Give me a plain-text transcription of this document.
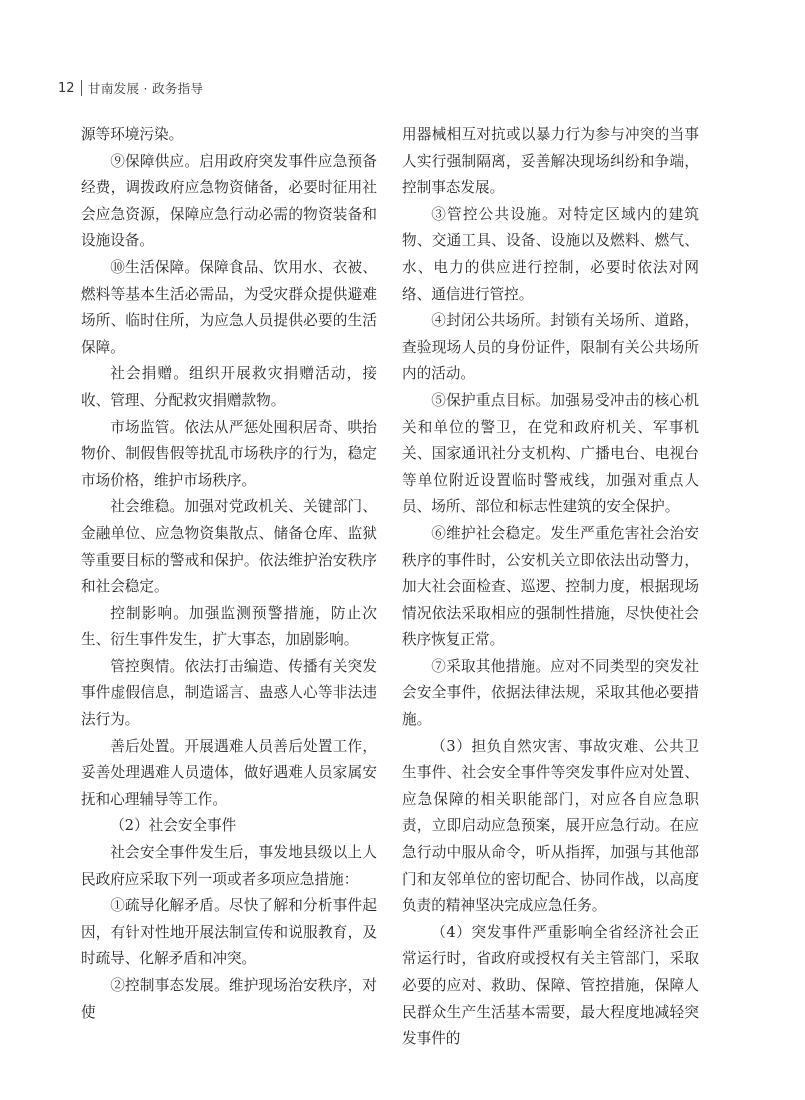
12 甘南发展 · 政务指导

源等环境污染。

⑨保障供应。启用政府突发事件应急预备经费，调拨政府应急物资储备，必要时征用社会应急资源，保障应急行动必需的物资装备和设施设备。

⑩生活保障。保障食品、饮用水、衣被、燃料等基本生活必需品，为受灾群众提供避难场所、临时住所，为应急人员提供必要的生活保障。

社会捐赠。组织开展救灾捐赠活动，接收、管理、分配救灾捐赠款物。

市场监管。依法从严惩处囤积居奇、哄抬物价、制假售假等扰乱市场秩序的行为，稳定市场价格，维护市场秩序。

社会维稳。加强对党政机关、关键部门、金融单位、应急物资集散点、储备仓库、监狱等重要目标的警戒和保护。依法维护治安秩序和社会稳定。

控制影响。加强监测预警措施，防止次生、衍生事件发生，扩大事态，加剧影响。

管控舆情。依法打击编造、传播有关突发事件虚假信息，制造谣言、蛊惑人心等非法违法行为。

善后处置。开展遇难人员善后处置工作，妥善处理遇难人员遗体，做好遇难人员家属安抚和心理辅导等工作。

（2）社会安全事件

社会安全事件发生后，事发地县级以上人民政府应采取下列一项或者多项应急措施：

①疏导化解矛盾。尽快了解和分析事件起因，有针对性地开展法制宣传和说服教育，及时疏导、化解矛盾和冲突。

②控制事态发展。维护现场治安秩序，对使

用器械相互对抗或以暴力行为参与冲突的当事人实行强制隔离，妥善解决现场纠纷和争端，控制事态发展。

③管控公共设施。对特定区域内的建筑物、交通工具、设备、设施以及燃料、燃气、水、电力的供应进行控制，必要时依法对网络、通信进行管控。

④封闭公共场所。封锁有关场所、道路，查验现场人员的身份证件，限制有关公共场所内的活动。

⑤保护重点目标。加强易受冲击的核心机关和单位的警卫，在党和政府机关、军事机关、国家通讯社分支机构、广播电台、电视台等单位附近设置临时警戒线，加强对重点人员、场所、部位和标志性建筑的安全保护。

⑥维护社会稳定。发生严重危害社会治安秩序的事件时，公安机关立即依法出动警力，加大社会面检查、巡逻、控制力度，根据现场情况依法采取相应的强制性措施，尽快使社会秩序恢复正常。

⑦采取其他措施。应对不同类型的突发社会安全事件，依据法律法规，采取其他必要措施。

（3）担负自然灾害、事故灾难、公共卫生事件、社会安全事件等突发事件应对处置、应急保障的相关职能部门，对应各自应急职责，立即启动应急预案，展开应急行动。在应急行动中服从命令，听从指挥，加强与其他部门和友邻单位的密切配合、协同作战，以高度负责的精神坚决完成应急任务。

（4）突发事件严重影响全省经济社会正常运行时，省政府或授权有关主管部门，采取必要的应对、救助、保障、管控措施，保障人民群众生产生活基本需要，最大程度地减轻突发事件的
